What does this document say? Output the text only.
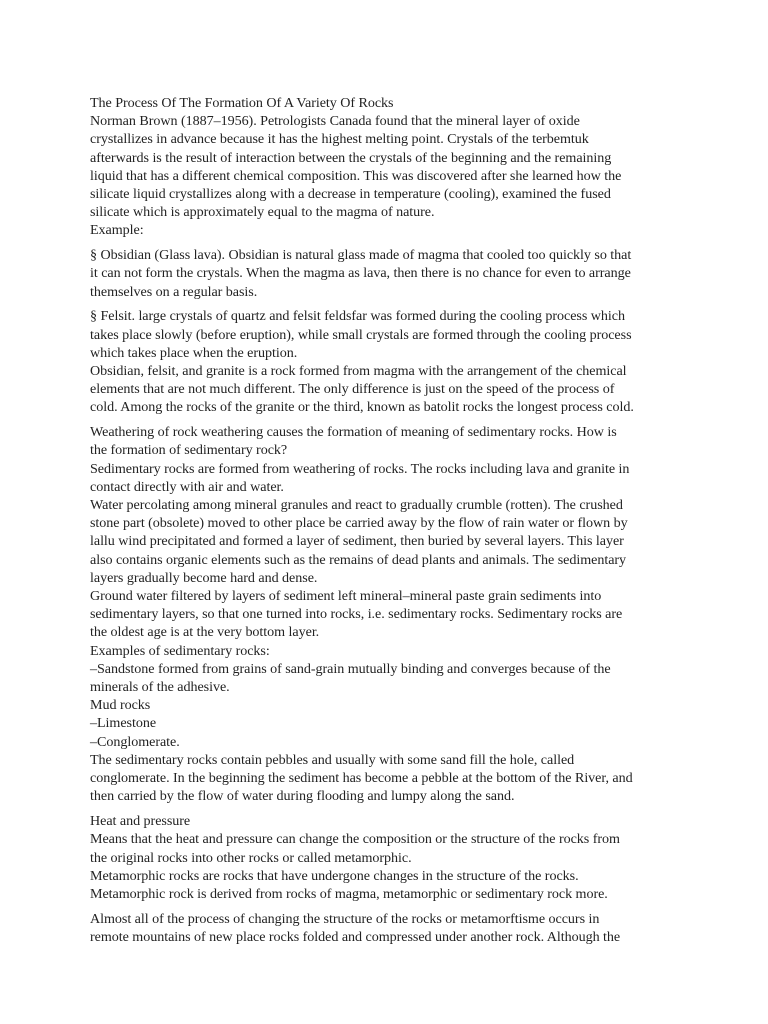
The Process Of The Formation Of A Variety Of Rocks
Norman Brown (1887–1956). Petrologists Canada found that the mineral layer of oxide
crystallizes in advance because it has the highest melting point. Crystals of the terbemtuk
afterwards is the result of interaction between the crystals of the beginning and the remaining
liquid that has a different chemical composition. This was discovered after she learned how the
silicate liquid crystallizes along with a decrease in temperature (cooling), examined the fused
silicate which is approximately equal to the magma of nature.
Example:
§ Obsidian (Glass lava). Obsidian is natural glass made of magma that cooled too quickly so that
it can not form the crystals. When the magma as lava, then there is no chance for even to arrange
themselves on a regular basis.
§ Felsit. large crystals of quartz and felsit feldsfar was formed during the cooling process which
takes place slowly (before eruption), while small crystals are formed through the cooling process
which takes place when the eruption.
Obsidian, felsit, and granite is a rock formed from magma with the arrangement of the chemical
elements that are not much different. The only difference is just on the speed of the process of
cold. Among the rocks of the granite or the third, known as batolit rocks the longest process cold.
Weathering of rock weathering causes the formation of meaning of sedimentary rocks. How is
the formation of sedimentary rock?
Sedimentary rocks are formed from weathering of rocks. The rocks including lava and granite in
contact directly with air and water.
Water percolating among mineral granules and react to gradually crumble (rotten). The crushed
stone part (obsolete) moved to other place be carried away by the flow of rain water or flown by
lallu wind precipitated and formed a layer of sediment, then buried by several layers. This layer
also contains organic elements such as the remains of dead plants and animals. The sedimentary
layers gradually become hard and dense.
Ground water filtered by layers of sediment left mineral–mineral paste grain sediments into
sedimentary layers, so that one turned into rocks, i.e. sedimentary rocks. Sedimentary rocks are
the oldest age is at the very bottom layer.
Examples of sedimentary rocks:
–Sandstone formed from grains of sand-grain mutually binding and converges because of the
minerals of the adhesive.
Mud rocks
–Limestone
–Conglomerate.
The sedimentary rocks contain pebbles and usually with some sand fill the hole, called
conglomerate. In the beginning the sediment has become a pebble at the bottom of the River, and
then carried by the flow of water during flooding and lumpy along the sand.
Heat and pressure
Means that the heat and pressure can change the composition or the structure of the rocks from
the original rocks into other rocks or called metamorphic.
Metamorphic rocks are rocks that have undergone changes in the structure of the rocks.
Metamorphic rock is derived from rocks of magma, metamorphic or sedimentary rock more.
Almost all of the process of changing the structure of the rocks or metamorftisme occurs in
remote mountains of new place rocks folded and compressed under another rock. Although the
